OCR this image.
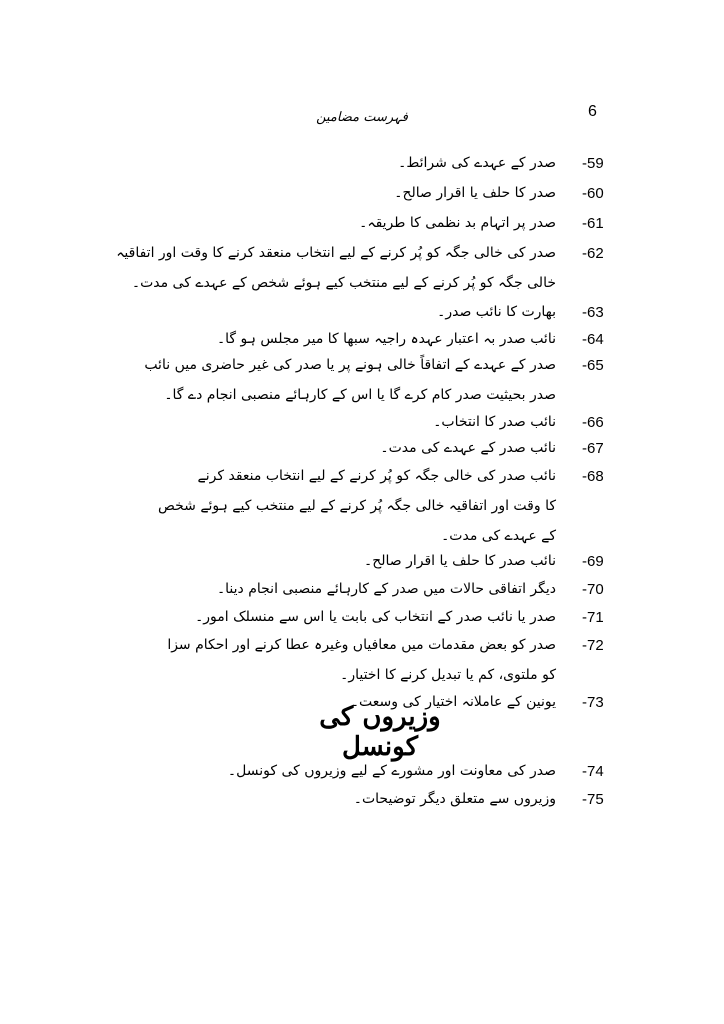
6
فہرست مضامین
-59
صدر کے عہدے کی شرائط۔
-60
صدر کا حلف یا اقرار صالح۔
-61
صدر پر اتہام بد نظمی کا طریقہ۔
-62
صدر کی خالی جگہ کو پُر کرنے کے لیے انتخاب منعقد کرنے کا وقت اور اتفاقیہ
خالی جگہ کو پُر کرنے کے لیے منتخب کیے ہوئے شخص کے عہدے کی مدت۔
-63
بھارت کا نائب صدر۔
-64
نائب صدر بہ اعتبار عہدہ راجیہ سبھا کا میر مجلس ہو گا۔
-65
صدر کے عہدے کے اتفاقاً خالی ہونے پر یا صدر کی غیر حاضری میں نائب
صدر بحیثیت صدر کام کرے گا یا اس کے کارہائے منصبی انجام دے گا۔
-66
نائب صدر کا انتخاب۔
-67
نائب صدر کے عہدے کی مدت۔
-68
نائب صدر کی خالی جگہ کو پُر کرنے کے لیے انتخاب منعقد کرنے
کا وقت اور اتفاقیہ خالی جگہ پُر کرنے کے لیے منتخب کیے ہوئے شخص
کے عہدے کی مدت۔
-69
نائب صدر کا حلف یا اقرار صالح۔
-70
دیگر اتفاقی حالات میں صدر کے کارہائے منصبی انجام دینا۔
-71
صدر یا نائب صدر کے انتخاب کی بابت یا اس سے منسلک امور۔
-72
صدر کو بعض مقدمات میں معافیاں وغیرہ عطا کرنے اور احکام سزا
کو ملتوی، کم یا تبدیل کرنے کا اختیار۔
-73
یونین کے عاملانہ اختیار کی وسعت۔
وزیروں کی کونسل
-74
صدر کی معاونت اور مشورے کے لیے وزیروں کی کونسل۔
-75
وزیروں سے متعلق دیگر توضیحات۔
